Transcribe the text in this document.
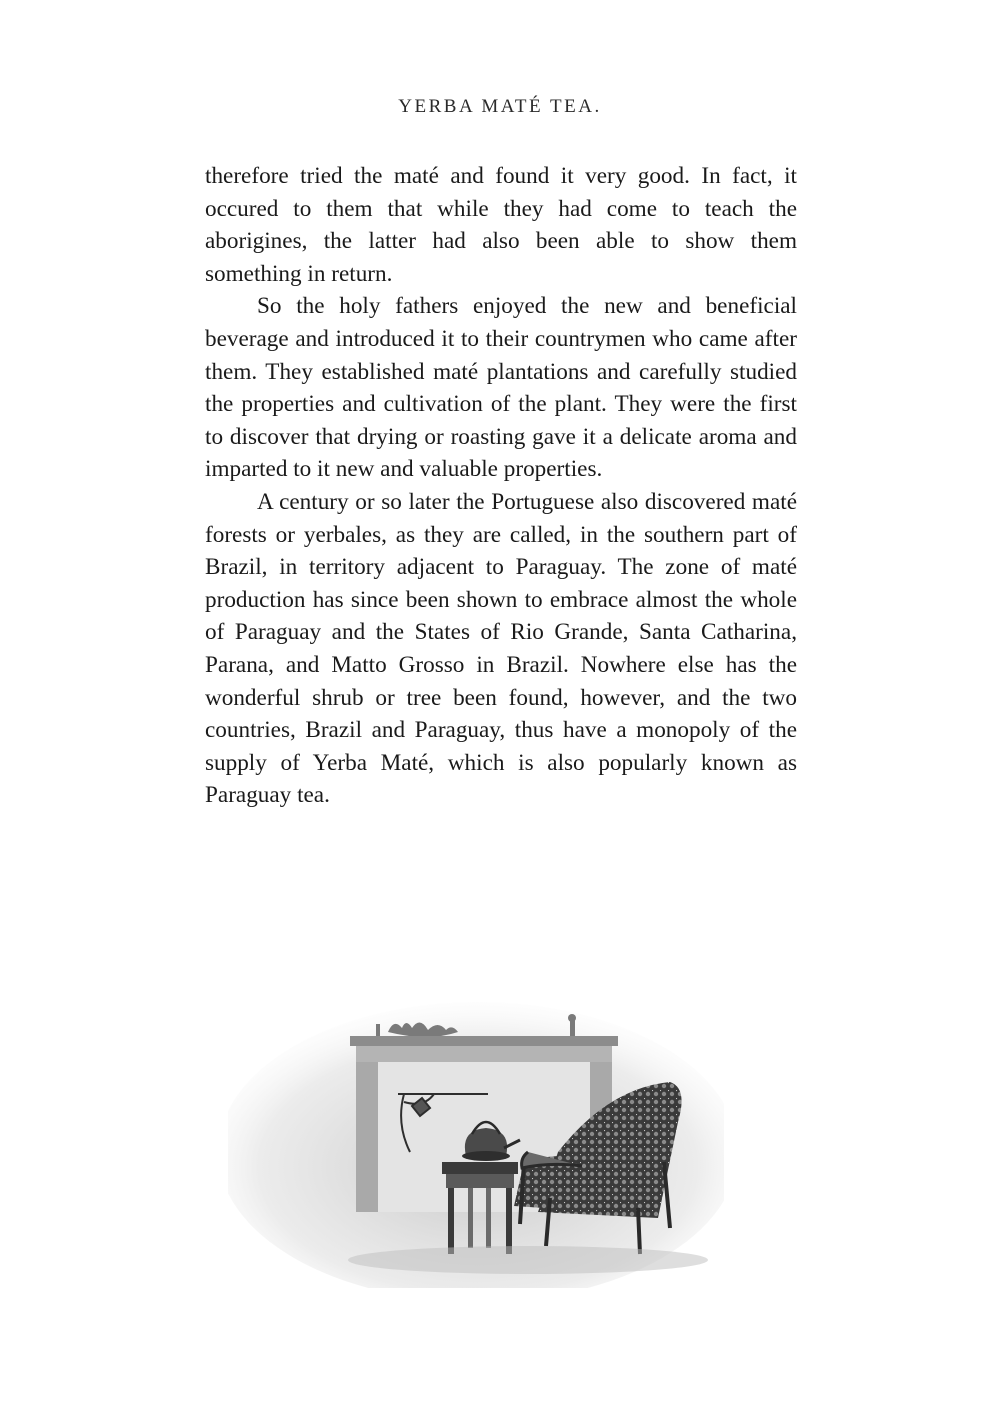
YERBA MATÉ TEA.

therefore tried the maté and found it very good. In fact, it occured to them that while they had come to teach the aborigines, the latter had also been able to show them something in return.

So the holy fathers enjoyed the new and beneficial beverage and introduced it to their countrymen who came after them. They established maté plantations and carefully studied the properties and cultivation of the plant. They were the first to discover that drying or roasting gave it a delicate aroma and imparted to it new and valuable properties.

A century or so later the Portuguese also discovered maté forests or yerbales, as they are called, in the southern part of Brazil, in territory adjacent to Paraguay. The zone of maté production has since been shown to embrace almost the whole of Paraguay and the States of Rio Grande, Santa Catharina, Parana, and Matto Grosso in Brazil. Nowhere else has the wonderful shrub or tree been found, however, and the two countries, Brazil and Paraguay, thus have a monopoly of the supply of Yerba Maté, which is also popularly known as Paraguay tea.
